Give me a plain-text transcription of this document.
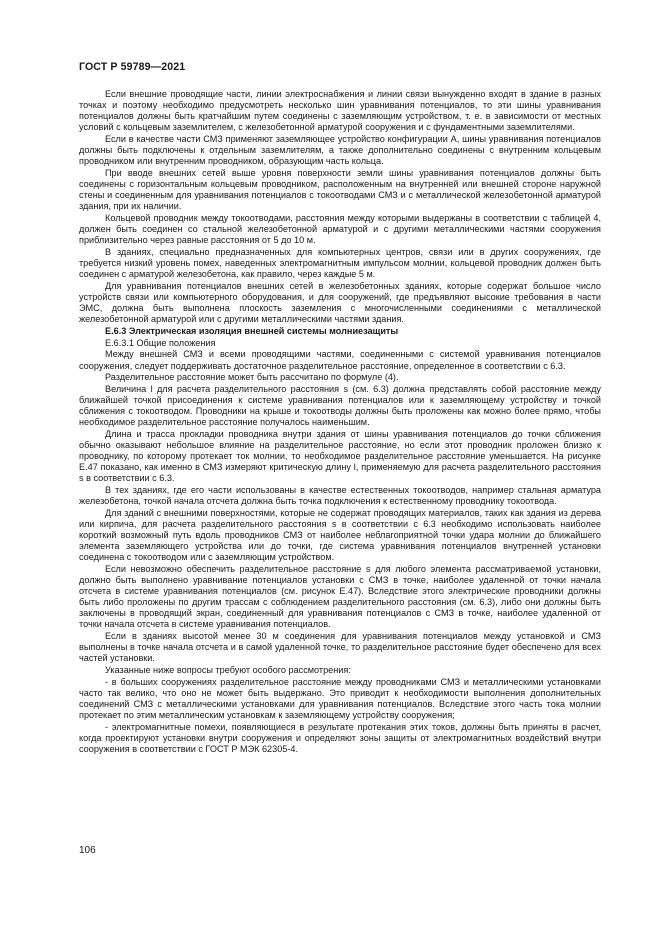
ГОСТ Р 59789—2021

Если внешние проводящие части, линии электроснабжения и линии связи вынужденно входят в здание в разных точках и поэтому необходимо предусмотреть несколько шин уравнивания потенциалов, то эти шины уравнивания потенциалов должны быть кратчайшим путем соединены с заземляющим устройством, т. е. в зависимости от местных условий с кольцевым заземлителем, с железобетонной арматурой сооружения и с фундаментными заземлителями.

Если в качестве части СМЗ применяют заземляющее устройство конфигурации А, шины уравнивания потенциалов должны быть подключены к отдельным заземлителям, а также дополнительно соединены с внутренним кольцевым проводником или внутренним проводником, образующим часть кольца.

При вводе внешних сетей выше уровня поверхности земли шины уравнивания потенциалов должны быть соединены с горизонтальным кольцевым проводником, расположенным на внутренней или внешней стороне наружной стены и соединенным для уравнивания потенциалов с токоотводами СМЗ и с металлической железобетонной арматурой здания, при их наличии.

Кольцевой проводник между токоотводами, расстояния между которыми выдержаны в соответствии с таблицей 4, должен быть соединен со стальной железобетонной арматурой и с другими металлическими частями сооружения приблизительно через равные расстояния от 5 до 10 м.

В зданиях, специально предназначенных для компьютерных центров, связи или в других сооружениях, где требуется низкий уровень помех, наведенных электромагнитным импульсом молнии, кольцевой проводник должен быть соединен с арматурой железобетона, как правило, через каждые 5 м.

Для уравнивания потенциалов внешних сетей в железобетонных зданиях, которые содержат большое число устройств связи или компьютерного оборудования, и для сооружений, где предъявляют высокие требования в части ЭМС, должна быть выполнена плоскость заземления с многочисленными соединениями с металлической железобетонной арматурой или с другими металлическими частями здания.

Е.6.3 Электрическая изоляция внешней системы молниезащиты

Е.6.3.1 Общие положения

Между внешней СМЗ и всеми проводящими частями, соединенными с системой уравнивания потенциалов сооружения, следует поддерживать достаточное разделительное расстояние, определенное в соответствии с 6.3.

Разделительное расстояние может быть рассчитано по формуле (4).

Величина l для расчета разделительного расстояния s (см. 6.3) должна представлять собой расстояние между ближайшей точкой присоединения к системе уравнивания потенциалов или к заземляющему устройству и точкой сближения с токоотводом. Проводники на крыше и токоотводы должны быть проложены как можно более прямо, чтобы необходимое разделительное расстояние получалось наименьшим.

Длина и трасса прокладки проводника внутри здания от шины уравнивания потенциалов до точки сближения обычно оказывают небольшое влияние на разделительное расстояние, но если этот проводник проложен близко к проводнику, по которому протекает ток молнии, то необходимое разделительное расстояние уменьшается. На рисунке Е.47 показано, как именно в СМЗ измеряют критическую длину l, применяемую для расчета разделительного расстояния s в соответствии с 6.3.

В тех зданиях, где его части использованы в качестве естественных токоотводов, например стальная арматура железобетона, точкой начала отсчета должна быть точка подключения к естественному проводнику токоотвода.

Для зданий с внешними поверхностями, которые не содержат проводящих материалов, таких как здания из дерева или кирпича, для расчета разделительного расстояния s в соответствии с 6.3 необходимо использовать наиболее короткий возможный путь вдоль проводников СМЗ от наиболее неблагоприятной точки удара молнии до ближайшего элемента заземляющего устройства или до точки, где система уравнивания потенциалов внутренней установки соединена с токоотводом или с заземляющим устройством.

Если невозможно обеспечить разделительное расстояние s для любого элемента рассматриваемой установки, должно быть выполнено уравнивание потенциалов установки с СМЗ в точке, наиболее удаленной от точки начала отсчета в системе уравнивания потенциалов (см. рисунок Е.47). Вследствие этого электрические проводники должны быть либо проложены по другим трассам с соблюдением разделительного расстояния (см. 6.3), либо они должны быть заключены в проводящий экран, соединенный для уравнивания потенциалов с СМЗ в точке, наиболее удаленной от точки начала отсчета в системе уравнивания потенциалов.

Если в зданиях высотой менее 30 м соединения для уравнивания потенциалов между установкой и СМЗ выполнены в точке начала отсчета и в самой удаленной точке, то разделительное расстояние будет обеспечено для всех частей установки.

Указанные ниже вопросы требуют особого рассмотрения:

- в больших сооружениях разделительное расстояние между проводниками СМЗ и металлическими установками часто так велико, что оно не может быть выдержано. Это приводит к необходимости выполнения дополнительных соединений СМЗ с металлическими установками для уравнивания потенциалов. Вследствие этого часть тока молнии протекает по этим металлическим установкам к заземляющему устройству сооружения;

- электромагнитные помехи, появляющиеся в результате протекания этих токов, должны быть приняты в расчет, когда проектируют установки внутри сооружения и определяют зоны защиты от электромагнитных воздействий внутри сооружения в соответствии с ГОСТ Р МЭК 62305-4.

106
